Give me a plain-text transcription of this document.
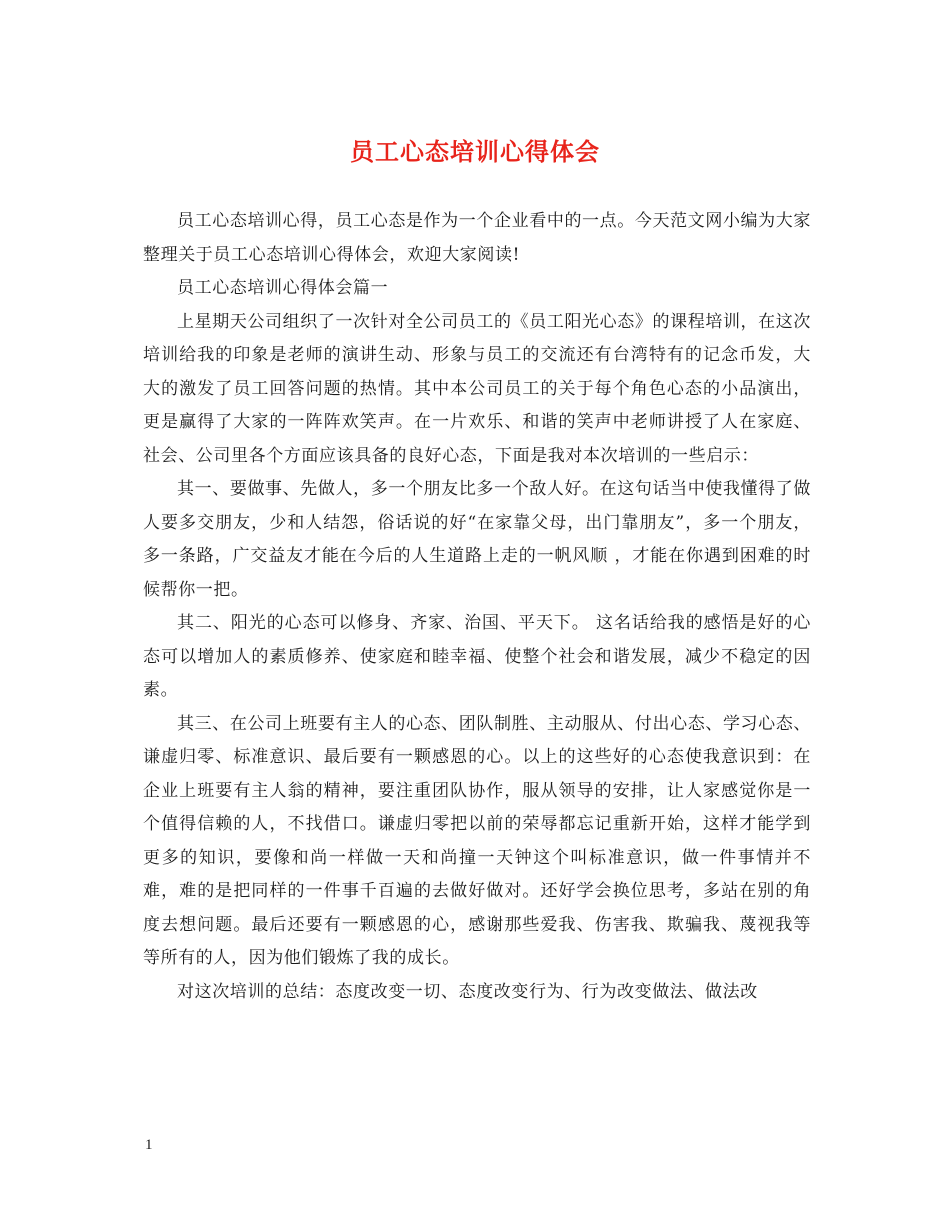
员工心态培训心得体会

员工心态培训心得，员工心态是作为一个企业看中的一点。今天范文网小编为大家整理关于员工心态培训心得体会，欢迎大家阅读!

员工心态培训心得体会篇一

上星期天公司组织了一次针对全公司员工的《员工阳光心态》的课程培训，在这次培训给我的印象是老师的演讲生动、形象与员工的交流还有台湾特有的记念币发，大大的激发了员工回答问题的热情。其中本公司员工的关于每个角色心态的小品演出，更是赢得了大家的一阵阵欢笑声。在一片欢乐、和谐的笑声中老师讲授了人在家庭、社会、公司里各个方面应该具备的良好心态，下面是我对本次培训的一些启示：

其一、要做事、先做人，多一个朋友比多一个敌人好。在这句话当中使我懂得了做人要多交朋友，少和人结怨，俗话说的好“在家靠父母，出门靠朋友”，多一个朋友，多一条路，广交益友才能在今后的人生道路上走的一帆风顺 ，才能在你遇到困难的时候帮你一把。

其二、阳光的心态可以修身、齐家、治国、平天下。 这名话给我的感悟是好的心态可以增加人的素质修养、使家庭和睦幸福、使整个社会和谐发展，减少不稳定的因素。

其三、在公司上班要有主人的心态、团队制胜、主动服从、付出心态、学习心态、谦虚归零、标准意识、最后要有一颗感恩的心。以上的这些好的心态使我意识到：在企业上班要有主人翁的精神，要注重团队协作，服从领导的安排，让人家感觉你是一个值得信赖的人，不找借口。谦虚归零把以前的荣辱都忘记重新开始，这样才能学到更多的知识，要像和尚一样做一天和尚撞一天钟这个叫标准意识，做一件事情并不难，难的是把同样的一件事千百遍的去做好做对。还好学会换位思考，多站在别的角度去想问题。最后还要有一颗感恩的心，感谢那些爱我、伤害我、欺骗我、蔑视我等等所有的人，因为他们锻炼了我的成长。

对这次培训的总结：态度改变一切、态度改变行为、行为改变做法、做法改

1
